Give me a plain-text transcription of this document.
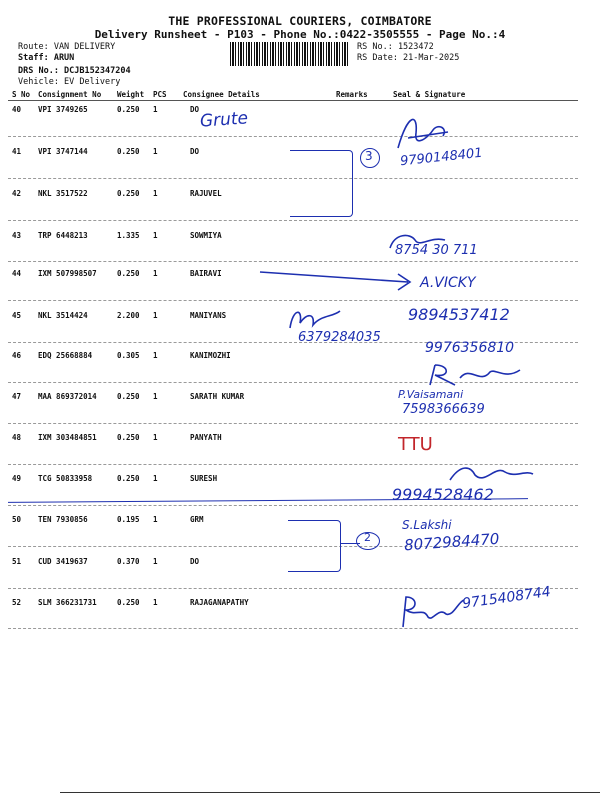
THE PROFESSIONAL COURIERS, COIMBATORE
Delivery Runsheet - P103 - Phone No.:0422-3505555 - Page No.:4
Route: VAN DELIVERY
Staff: ARUN
DRS No.: DCJB152347204
Vehicle: EV Delivery
RS No.: 1523472
RS Date: 21-Mar-2025
S No Consignment No Weight PCS Consignee Details	Remarks	Seal & Signature
40 VPI 3749265	0.250 1	DO
41 VPI 3747144	0.250 1	DO
42 NKL 3517522	0.250 1	RAJUVEL
43 TRP 6448213	1.335 1	SOWMIYA
44 IXM 507998507	0.250 1	BAIRAVI
45 NKL 3514424	2.200 1	MANIYANS
46 EDQ 25668884	0.305 1	KANIMOZHI
47 MAA 869372014	0.250 1	SARATH KUMAR
48 IXM 303484851	0.250 1	PANYATH
49 TCG 50833958	0.250 1	SURESH
50 TEN 7930856	0.195 1	GRM
51 CUD 3419637	0.370 1	DO
52 SLM 366231731	0.250 1	RAJAGANAPATHY
Grute
3 9790148401
8754 30 711
A.VICKY
6379284035
9894537412
9976356810
P.Vaisamani
7598366639
TTU
9994528462
2
S.Lakshi
8072984470
9715408744
